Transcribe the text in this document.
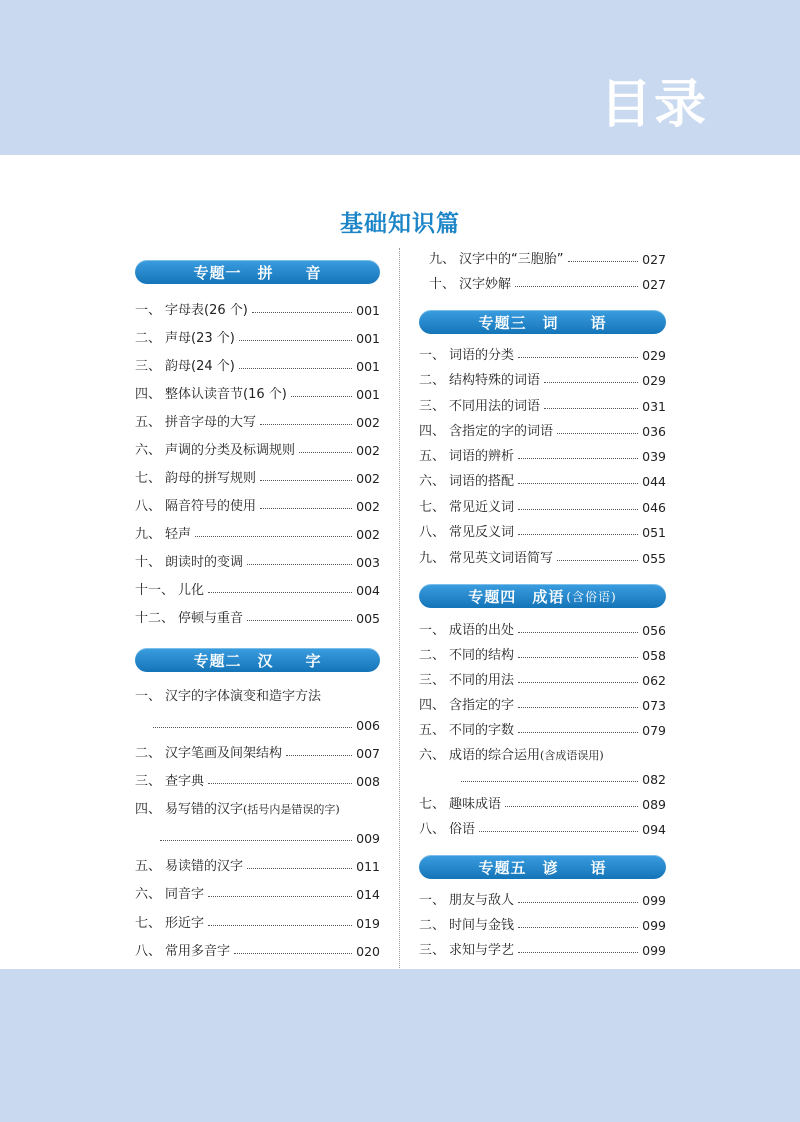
目录
基础知识篇
专题一 拼　　音
一、 字母表(26 个)	001
二、 声母(23 个)	001
三、 韵母(24 个)	001
四、 整体认读音节(16 个)	001
五、 拼音字母的大写	002
六、 声调的分类及标调规则	002
七、 韵母的拼写规则	002
八、 隔音符号的使用	002
九、 轻声	002
十、 朗读时的变调	003
十一、 儿化	004
十二、 停顿与重音	005
专题二 汉　　字
一、 汉字的字体演变和造字方法
006
二、 汉字笔画及间架结构	007
三、 查字典	008
四、 易写错的汉字(括号内是错误的字)
009
五、 易读错的汉字	011
六、 同音字	014
七、 形近字	019
八、 常用多音字	020
九、 汉字中的“三胞胎”	027
十、 汉字妙解	027
专题三 词　　语
一、 词语的分类	029
二、 结构特殊的词语	029
三、 不同用法的词语	031
四、 含指定的字的词语	036
五、 词语的辨析	039
六、 词语的搭配	044
七、 常见近义词	046
八、 常见反义词	051
九、 常见英文词语简写	055
专题四 成语 (含俗语)
一、 成语的出处	056
二、 不同的结构	058
三、 不同的用法	062
四、 含指定的字	073
五、 不同的字数	079
六、 成语的综合运用(含成语误用)
082
七、 趣味成语	089
八、 俗语	094
专题五 谚　　语
一、 朋友与敌人	099
二、 时间与金钱	099
三、 求知与学艺	099
